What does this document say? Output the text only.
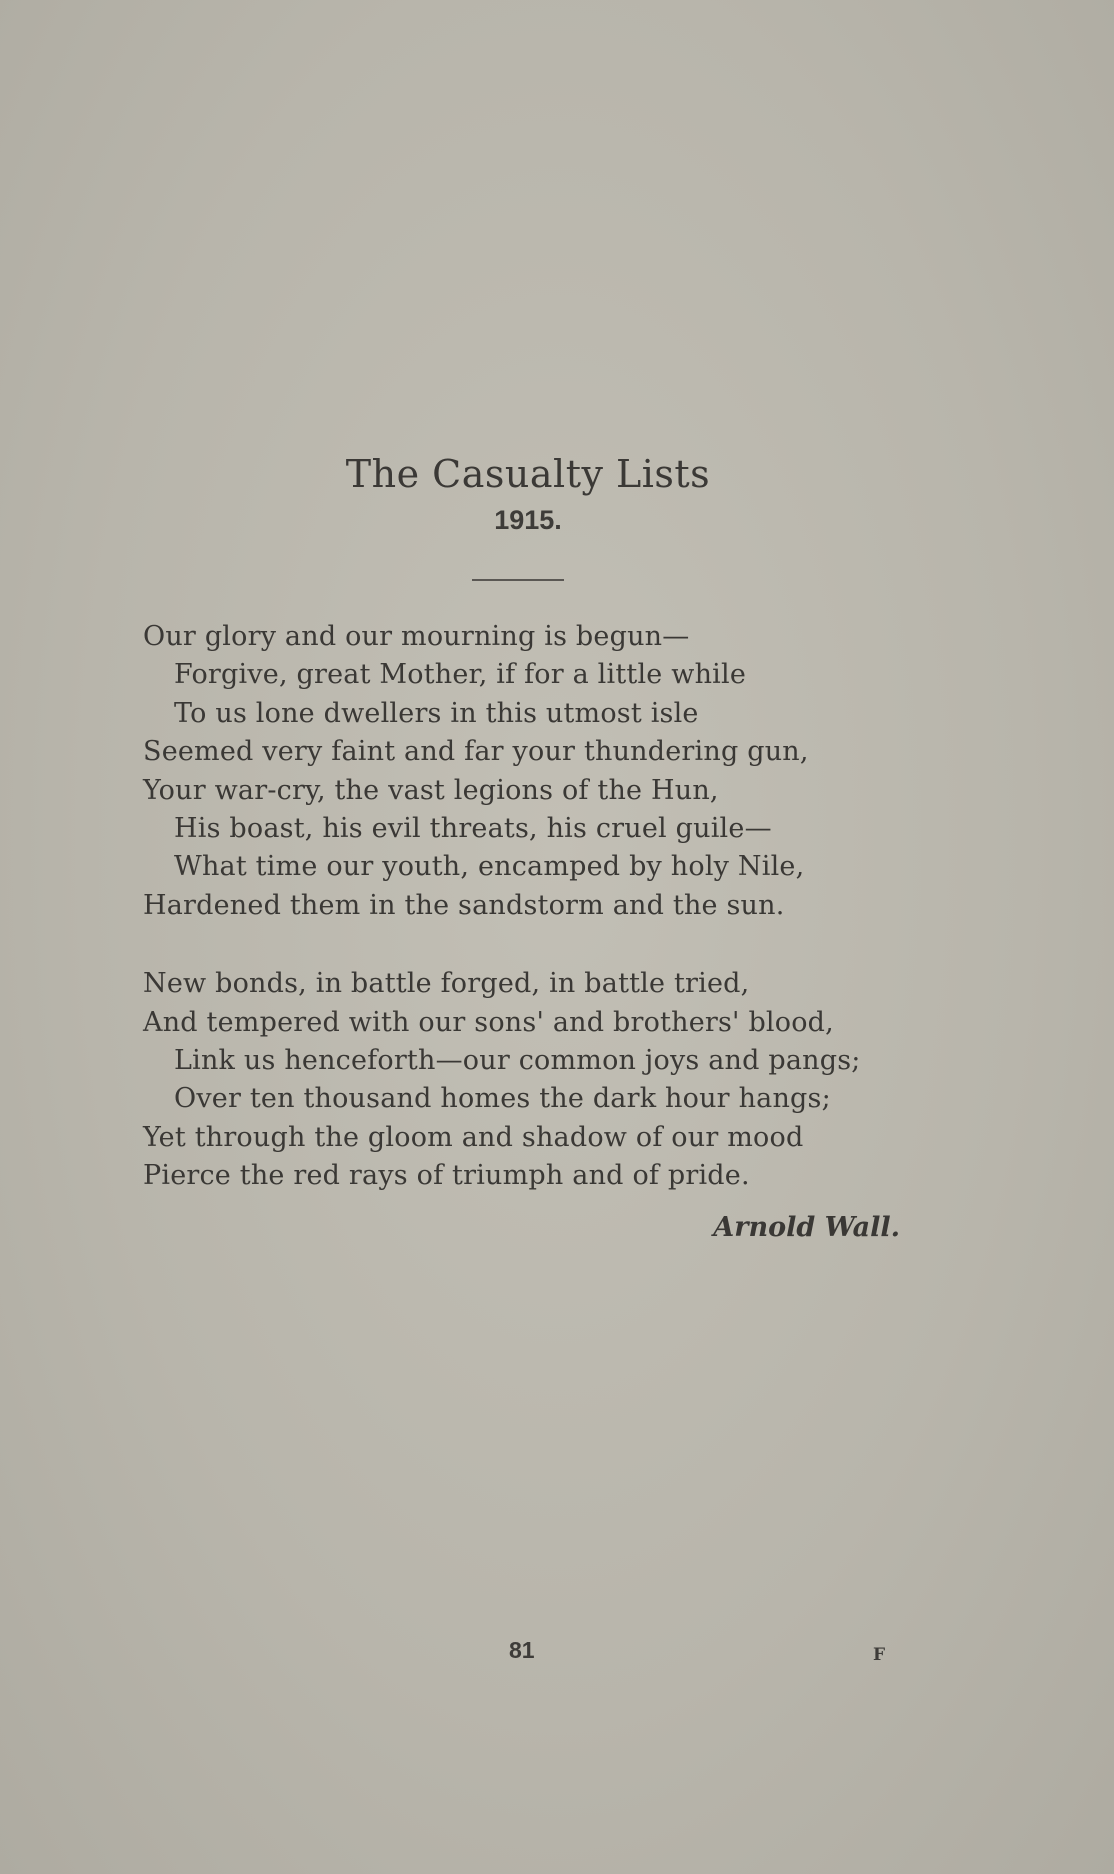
The Casualty Lists
1915.
Our glory and our mourning is begun—
Forgive, great Mother, if for a little while
To us lone dwellers in this utmost isle
Seemed very faint and far your thundering gun,
Your war-cry, the vast legions of the Hun,
His boast, his evil threats, his cruel guile—
What time our youth, encamped by holy Nile,
Hardened them in the sandstorm and the sun.
New bonds, in battle forged, in battle tried,
And tempered with our sons' and brothers' blood,
Link us henceforth—our common joys and pangs;
Over ten thousand homes the dark hour hangs;
Yet through the gloom and shadow of our mood
Pierce the red rays of triumph and of pride.
Arnold Wall.
81	F
